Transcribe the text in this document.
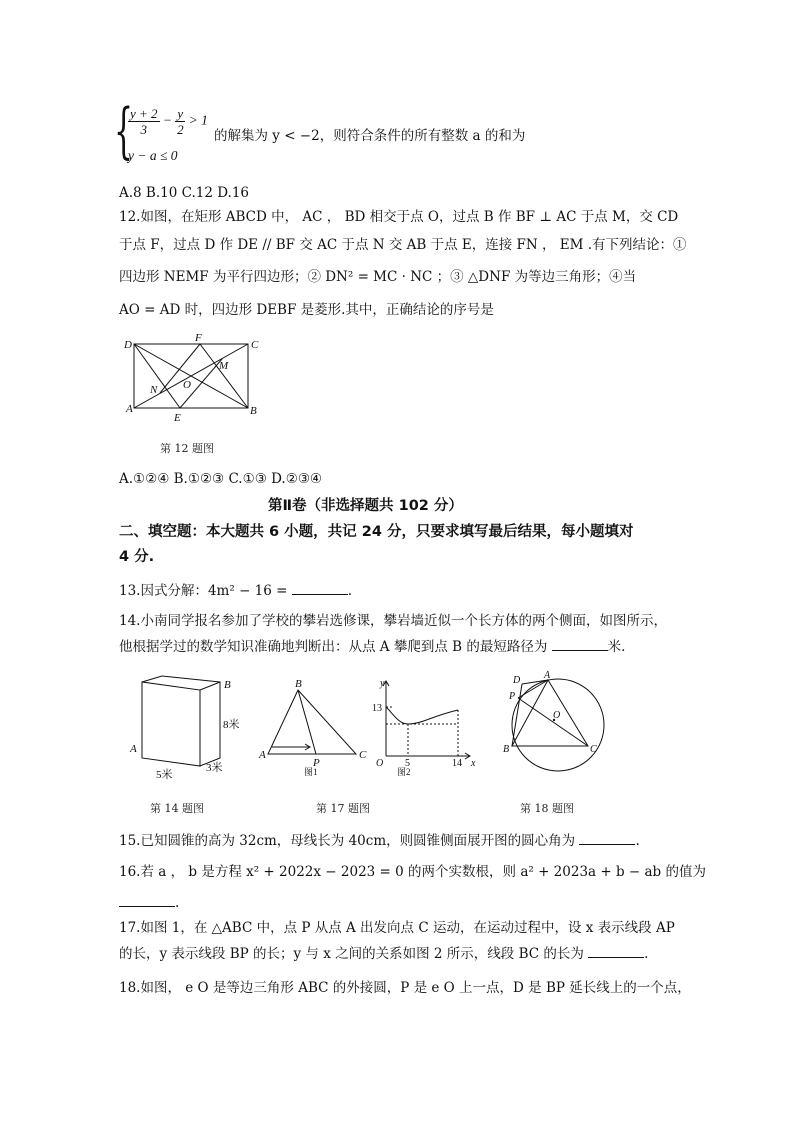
{
$\frac{y + 2}{3} - \frac{y}{2} > 1$
y − a ≤ 0
的解集为 y < −2，则符合条件的所有整数 a 的和为
A.8 B.10 C.12 D.16
12.如图，在矩形 ABCD 中， AC ， BD 相交于点 O，过点 B 作 BF ⊥ AC 于点 M，交 CD
于点 F，过点 D 作 DE // BF 交 AC 于点 N 交 AB 于点 E，连接 FN ， EM .有下列结论：①
四边形 NEMF 为平行四边形；② DN² = MC · NC ；③ △DNF 为等边三角形；④当
AO = AD 时，四边形 DEBF 是菱形.其中，正确结论的序号是
D
F
C
M
N O
A
E
B
第 12 题图
A.①②④ B.①②③ C.①③ D.②③④
第Ⅱ卷（非选择题共 102 分）
二、填空题：本大题共 6 小题，共记 24 分，只要求填写最后结果，每小题填对
4 分.
13.因式分解：4m² − 16 =	.
14.小南同学报名参加了学校的攀岩选修课，攀岩墙近似一个长方体的两个侧面，如图所示，
他根据学过的数学知识准确地判断出：从点 A 攀爬到点 B 的最短路径为	米.
B
A
8米
5米
3米
第 14 题图
B
A
P
C
图1
y
13
O 5	14 x
图2
第 17 题图
D A
P
O
B	C
第 18 题图
15.已知圆锥的高为 32cm，母线长为 40cm，则圆锥侧面展开图的圆心角为	.
16.若 a ， b 是方程 x² + 2022x − 2023 = 0 的两个实数根，则 a² + 2023a + b − ab 的值为
.
17.如图 1，在 △ABC 中，点 P 从点 A 出发向点 C 运动，在运动过程中，设 x 表示线段 AP
的长，y 表示线段 BP 的长；y 与 x 之间的关系如图 2 所示，线段 BC 的长为	.
18.如图， e O 是等边三角形 ABC 的外接圆，P 是 e O 上一点，D 是 BP 延长线上的一个点，
